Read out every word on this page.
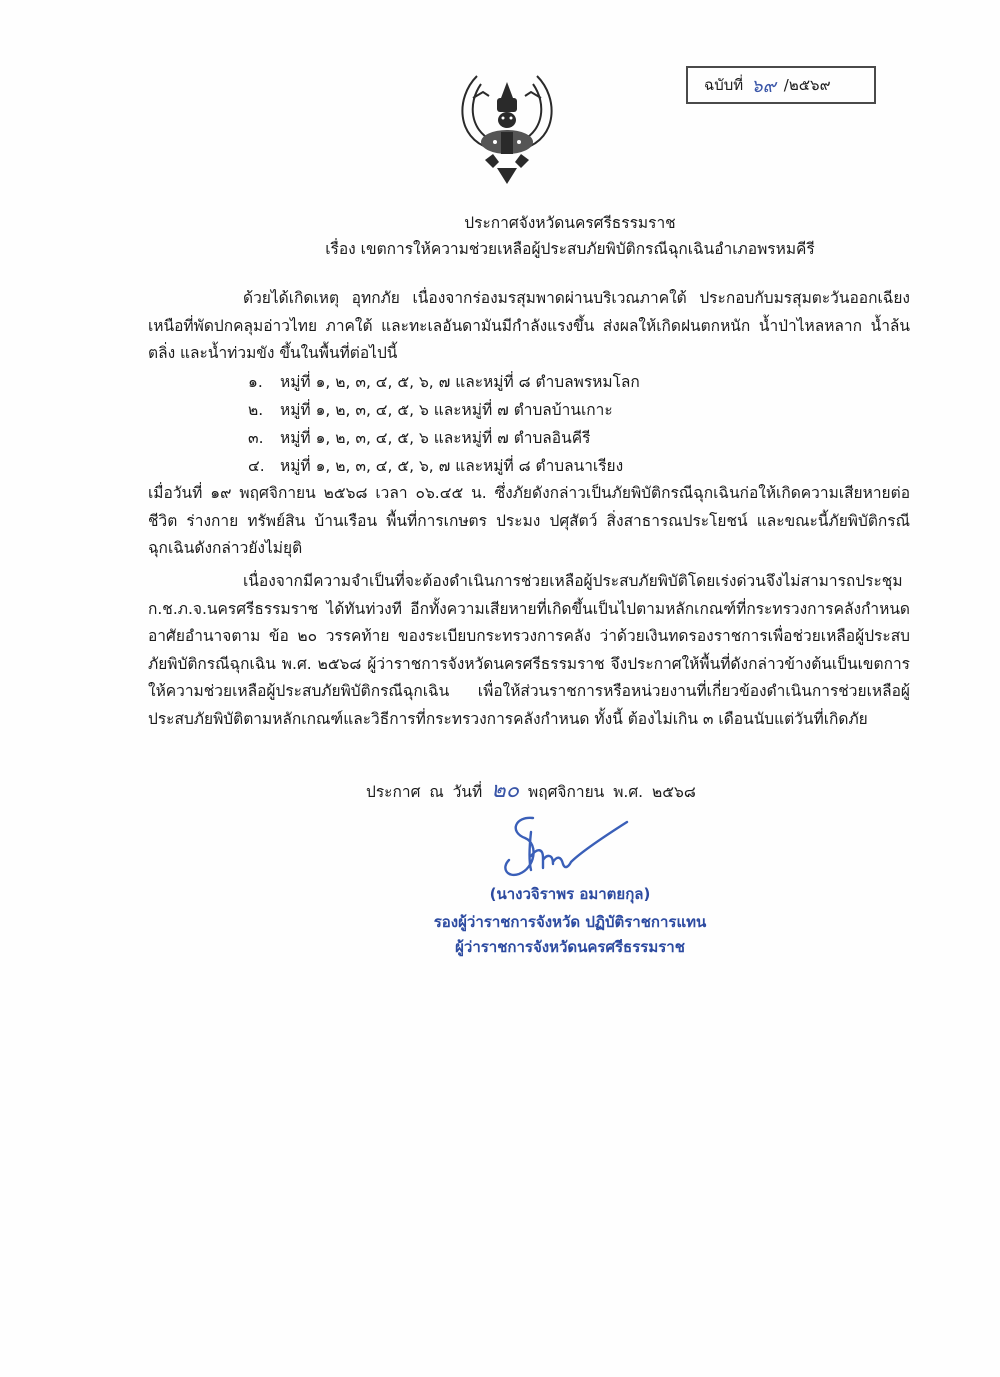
ฉบับที่ ๖๙ /๒๕๖๙
ประกาศจังหวัดนครศรีธรรมราช
เรื่อง เขตการให้ความช่วยเหลือผู้ประสบภัยพิบัติกรณีฉุกเฉินอำเภอพรหมคีรี
ด้วยได้เกิดเหตุ อุทกภัย เนื่องจากร่องมรสุมพาดผ่านบริเวณภาคใต้ ประกอบกับมรสุมตะวันออกเฉียงเหนือที่พัดปกคลุมอ่าวไทย ภาคใต้ และทะเลอันดามันมีกำลังแรงขึ้น ส่งผลให้เกิดฝนตกหนัก น้ำป่าไหลหลาก น้ำล้นตลิ่ง และน้ำท่วมขัง ขึ้นในพื้นที่ต่อไปนี้
๑. หมู่ที่ ๑, ๒, ๓, ๔, ๕, ๖, ๗ และหมู่ที่ ๘ ตำบลพรหมโลก
๒. หมู่ที่ ๑, ๒, ๓, ๔, ๕, ๖ และหมู่ที่ ๗ ตำบลบ้านเกาะ
๓. หมู่ที่ ๑, ๒, ๓, ๔, ๕, ๖ และหมู่ที่ ๗ ตำบลอินคีรี
๔. หมู่ที่ ๑, ๒, ๓, ๔, ๕, ๖, ๗ และหมู่ที่ ๘ ตำบลนาเรียง
เมื่อวันที่ ๑๙ พฤศจิกายน ๒๕๖๘ เวลา ๐๖.๔๕ น. ซึ่งภัยดังกล่าวเป็นภัยพิบัติกรณีฉุกเฉินก่อให้เกิดความเสียหายต่อชีวิต ร่างกาย ทรัพย์สิน บ้านเรือน พื้นที่การเกษตร ประมง ปศุสัตว์ สิ่งสาธารณประโยชน์ และขณะนี้ภัยพิบัติกรณีฉุกเฉินดังกล่าวยังไม่ยุติ
เนื่องจากมีความจำเป็นที่จะต้องดำเนินการช่วยเหลือผู้ประสบภัยพิบัติโดยเร่งด่วนจึงไม่สามารถประชุม ก.ช.ภ.จ.นครศรีธรรมราช ได้ทันท่วงที อีกทั้งความเสียหายที่เกิดขึ้นเป็นไปตามหลักเกณฑ์ที่กระทรวงการคลังกำหนด อาศัยอำนาจตาม ข้อ ๒๐ วรรคท้าย ของระเบียบกระทรวงการคลัง ว่าด้วยเงินทดรองราชการเพื่อช่วยเหลือผู้ประสบภัยพิบัติกรณีฉุกเฉิน พ.ศ. ๒๕๖๘ ผู้ว่าราชการจังหวัดนครศรีธรรมราช จึงประกาศให้พื้นที่ดังกล่าวข้างต้นเป็นเขตการให้ความช่วยเหลือผู้ประสบภัยพิบัติกรณีฉุกเฉิน เพื่อให้ส่วนราชการหรือหน่วยงานที่เกี่ยวข้องดำเนินการช่วยเหลือผู้ประสบภัยพิบัติตามหลักเกณฑ์และวิธีการที่กระทรวงการคลังกำหนด ทั้งนี้ ต้องไม่เกิน ๓ เดือนนับแต่วันที่เกิดภัย
ประกาศ ณ วันที่ ๒๐ พฤศจิกายน พ.ศ. ๒๕๖๘
(นางวจิราพร อมาตยกุล)
รองผู้ว่าราชการจังหวัด ปฏิบัติราชการแทน
ผู้ว่าราชการจังหวัดนครศรีธรรมราช
